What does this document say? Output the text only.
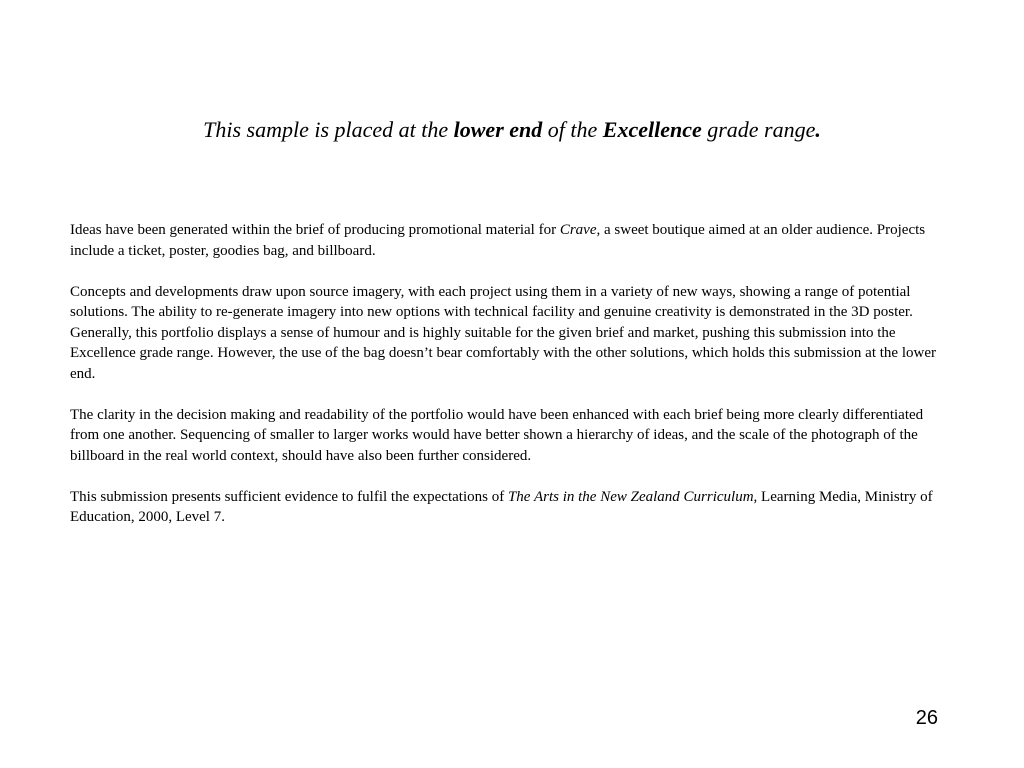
This sample is placed at the lower end of the Excellence grade range.

Ideas have been generated within the brief of producing promotional material for Crave, a sweet boutique aimed at an older audience. Projects include a ticket, poster, goodies bag, and billboard.

Concepts and developments draw upon source imagery, with each project using them in a variety of new ways, showing a range of potential solutions. The ability to re-generate imagery into new options with technical facility and genuine creativity is demonstrated in the 3D poster. Generally, this portfolio displays a sense of humour and is highly suitable for the given brief and market, pushing this submission into the Excellence grade range. However, the use of the bag doesn’t bear comfortably with the other solutions, which holds this submission at the lower end.

The clarity in the decision making and readability of the portfolio would have been enhanced with each brief being more clearly differentiated from one another. Sequencing of smaller to larger works would have better shown a hierarchy of ideas, and the scale of the photograph of the billboard in the real world context, should have also been further considered.

This submission presents sufficient evidence to fulfil the expectations of The Arts in the New Zealand Curriculum, Learning Media, Ministry of Education, 2000, Level 7.

26
